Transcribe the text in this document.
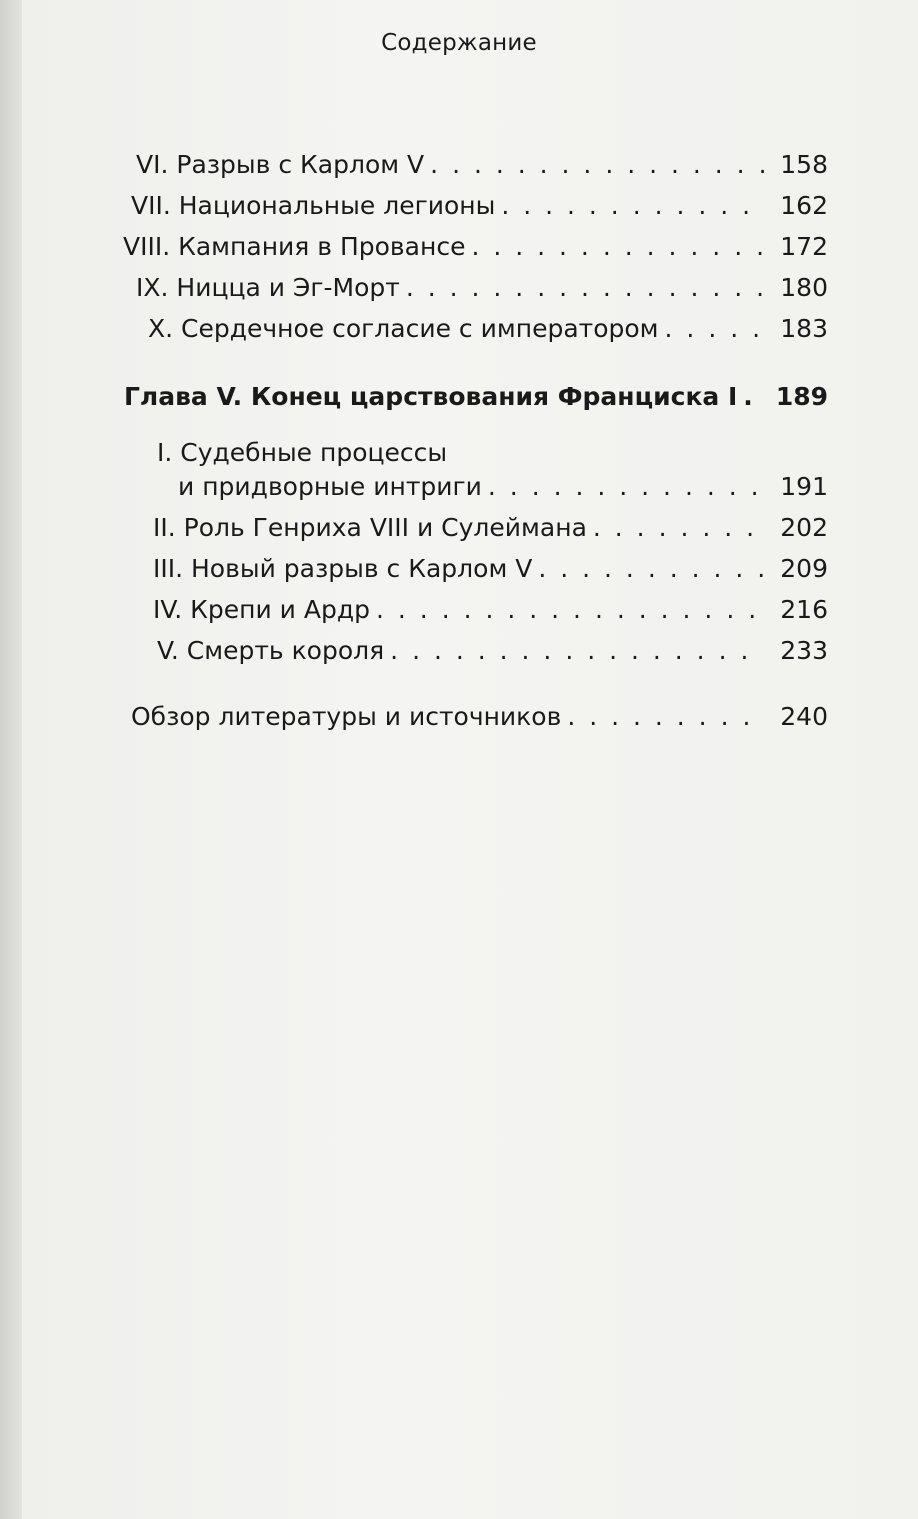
Содержание
VI. Разрыв с Карлом V . . .	158
VII. Национальные легионы . . .	162
VIII. Кампания в Провансе . . .	172
IX. Ницца и Эг-Морт . . .	180
X. Сердечное согласие с императором . . .	183
Глава V. Конец царствования Франциска I . . . 189
I. Судебные процессы
и придворные интриги . . .	191
II. Роль Генриха VIII и Сулеймана . . .	202
III. Новый разрыв с Карлом V . . .	209
IV. Крепи и Ардр . . .	216
V. Смерть короля . . .	233
Обзор литературы и источников . . .	240
